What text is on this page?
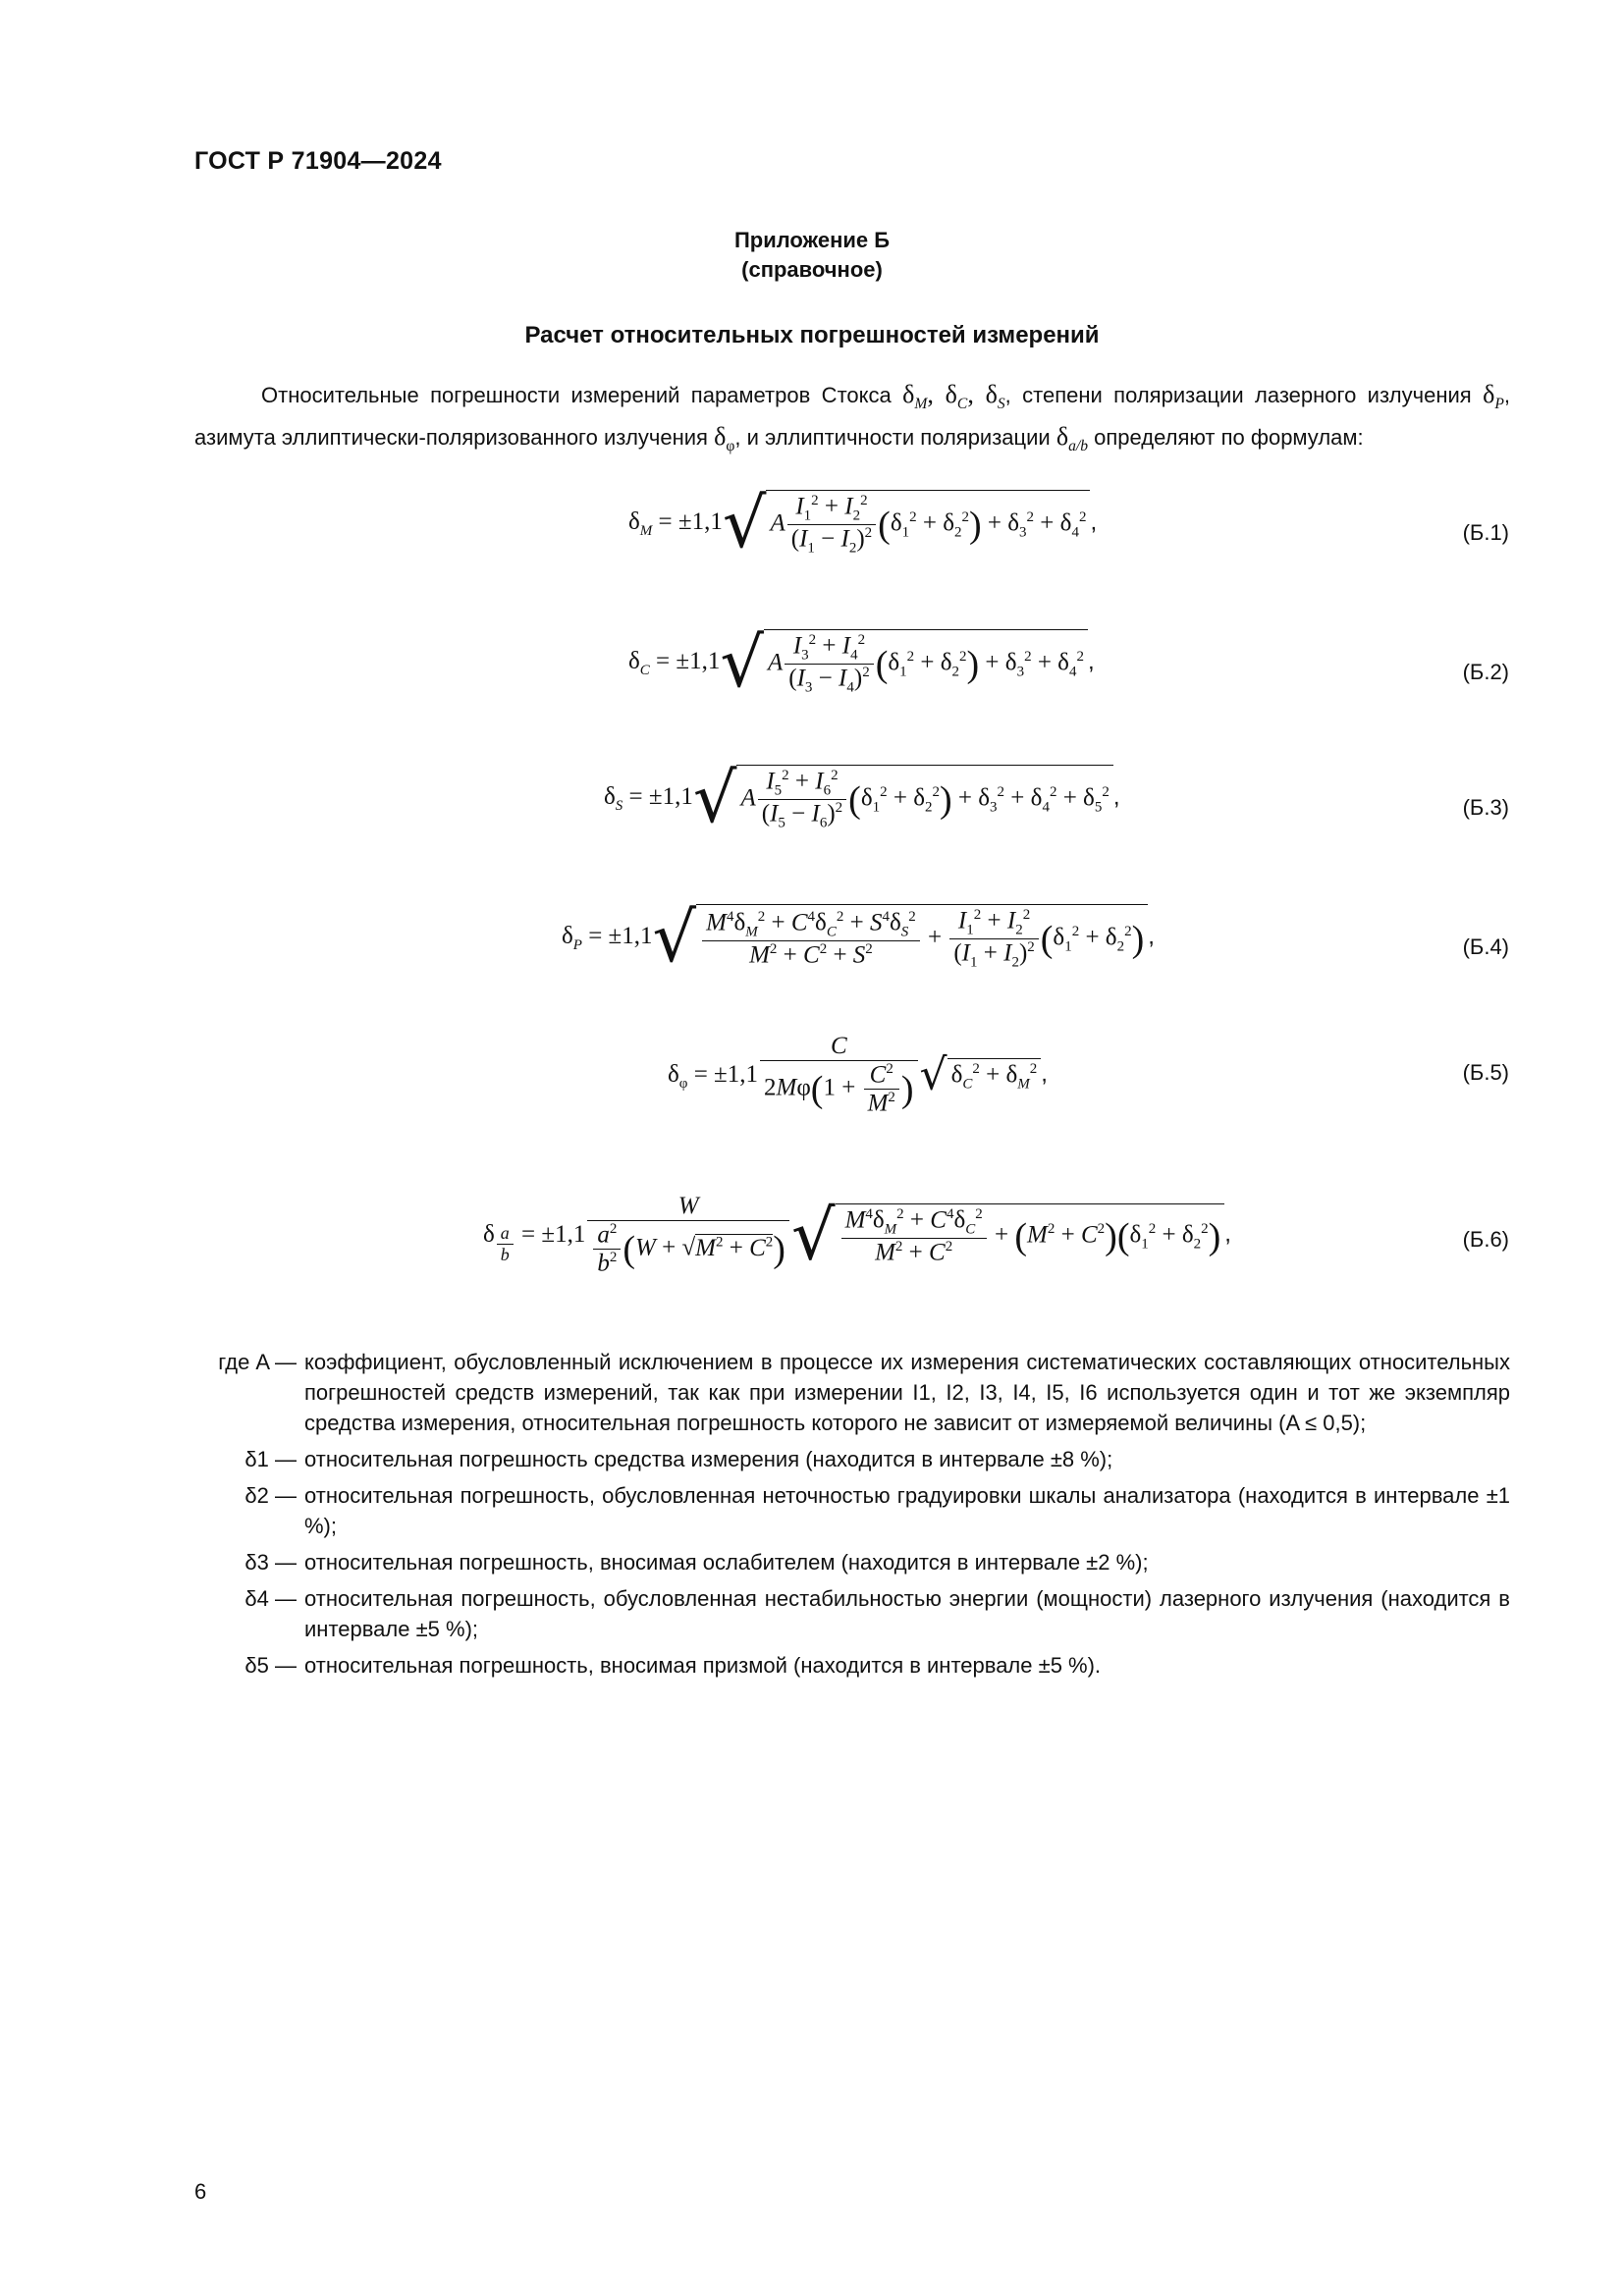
ГОСТ Р 71904—2024
Приложение Б
(справочное)
Расчет относительных погрешностей измерений

Относительные погрешности измерений параметров Стокса $\delta_M$, $\delta_C$, $\delta_S$, степени поляризации лазерного излучения $\delta_P$, азимута эллиптически-поляризованного излучения $\delta_\varphi$, и эллиптичности поляризации $\delta_{a/b}$ определяют по формулам:

$\delta_M = \pm 1,1√$ A $\frac{I_1^2 + I_2^2}{(I_1 - I_2)^2} (\delta_1^2 + \delta_2^2) + \delta_3^2 + \delta_4^2$ ,	(Б.1)
$\delta_C = \pm 1,1√$ A $\frac{I_3^2 + I_4^2}{(I_3 - I_4)^2} (\delta_1^2 + \delta_2^2) + \delta_3^2 + \delta_4^2$ ,	(Б.2)
$\delta_S = \pm 1,1√$ A $\frac{I_5^2 + I_6^2}{(I_5 - I_6)^2} (\delta_1^2 + \delta_2^2) + \delta_3^2 + \delta_4^2 + \delta_5^2$ ,	(Б.3)
$\delta_P = \pm 1,1√ \frac{M^4\delta_M^2 + C^4\delta_C^2 + S^4\delta_S^2}{M^2 + C^2 + S^2} + \frac{I_1^2 + I_2^2}{(I_1 + I_2)^2} (\delta_1^2 + \delta_2^2)$ ,	(Б.4)
$\delta_\varphi = \pm 1,1 \frac{C}{2M\varphi(1 + \frac{C^2}{M^2} )}$ √ $\delta_C^2 + \delta_M^2$ ,	(Б.5)
δ $_{\frac{a}{b}} = \pm 1,1 \frac{W}{\frac{a^2}{b^2} (W + √M^2 + C^2)}$ √ $\frac{M^4\delta_M^2 + C^4\delta_C^2}{M^2 + C^2} + (M^2 + C^2)(\delta_1^2 + \delta_2^2)$ ,	(Б.6)
где A — коэффициент, обусловленный исключением в процессе их измерения систематических составляющих относительных погрешностей средств измерений, так как при измерении I1, I2, I3, I4, I5, I6 используется один и тот же экземпляр средства измерения, относительная погрешность которого не зависит от измеряемой величины (A ≤ 0,5);
δ1 — относительная погрешность средства измерения (находится в интервале ±8 %);
δ2 — относительная погрешность, обусловленная неточностью градуировки шкалы анализатора (находится в интервале ±1 %);
δ3 — относительная погрешность, вносимая ослабителем (находится в интервале ±2 %);
δ4 — относительная погрешность, обусловленная нестабильностью энергии (мощности) лазерного излучения (находится в интервале ±5 %);
δ5 — относительная погрешность, вносимая призмой (находится в интервале ±5 %).
6
